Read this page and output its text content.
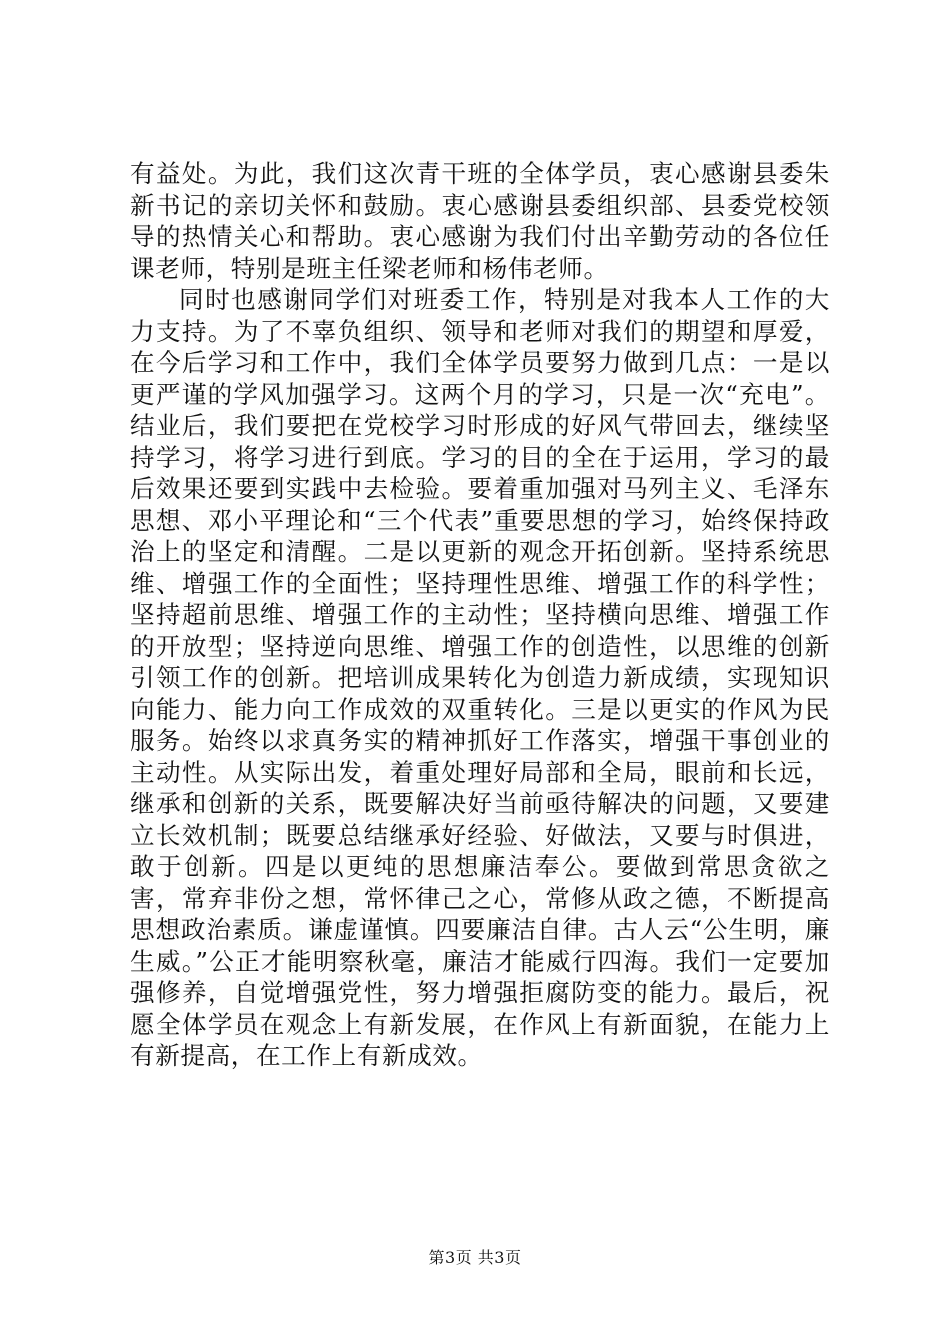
有益处。为此，我们这次青干班的全体学员，衷心感谢县委朱新书记的亲切关怀和鼓励。衷心感谢县委组织部、县委党校领导的热情关心和帮助。衷心感谢为我们付出辛勤劳动的各位任课老师，特别是班主任梁老师和杨伟老师。

同时也感谢同学们对班委工作，特别是对我本人工作的大力支持。为了不辜负组织、领导和老师对我们的期望和厚爱，在今后学习和工作中，我们全体学员要努力做到几点：一是以更严谨的学风加强学习。这两个月的学习，只是一次“充电”。结业后，我们要把在党校学习时形成的好风气带回去，继续坚持学习，将学习进行到底。学习的目的全在于运用，学习的最后效果还要到实践中去检验。要着重加强对马列主义、毛泽东思想、邓小平理论和“三个代表”重要思想的学习，始终保持政治上的坚定和清醒。二是以更新的观念开拓创新。坚持系统思维、增强工作的全面性；坚持理性思维、增强工作的科学性；坚持超前思维、增强工作的主动性；坚持横向思维、增强工作的开放型；坚持逆向思维、增强工作的创造性，以思维的创新引领工作的创新。把培训成果转化为创造力新成绩，实现知识向能力、能力向工作成效的双重转化。三是以更实的作风为民服务。始终以求真务实的精神抓好工作落实，增强干事创业的主动性。从实际出发，着重处理好局部和全局，眼前和长远，继承和创新的关系，既要解决好当前亟待解决的问题，又要建立长效机制；既要总结继承好经验、好做法，又要与时俱进，敢于创新。四是以更纯的思想廉洁奉公。要做到常思贪欲之害，常弃非份之想，常怀律己之心，常修从政之德，不断提高思想政治素质。谦虚谨慎。四要廉洁自律。古人云“公生明，廉生威。”公正才能明察秋毫，廉洁才能威行四海。我们一定要加强修养，自觉增强党性，努力增强拒腐防变的能力。最后，祝愿全体学员在观念上有新发展，在作风上有新面貌，在能力上有新提高，在工作上有新成效。

第3页 共3页
